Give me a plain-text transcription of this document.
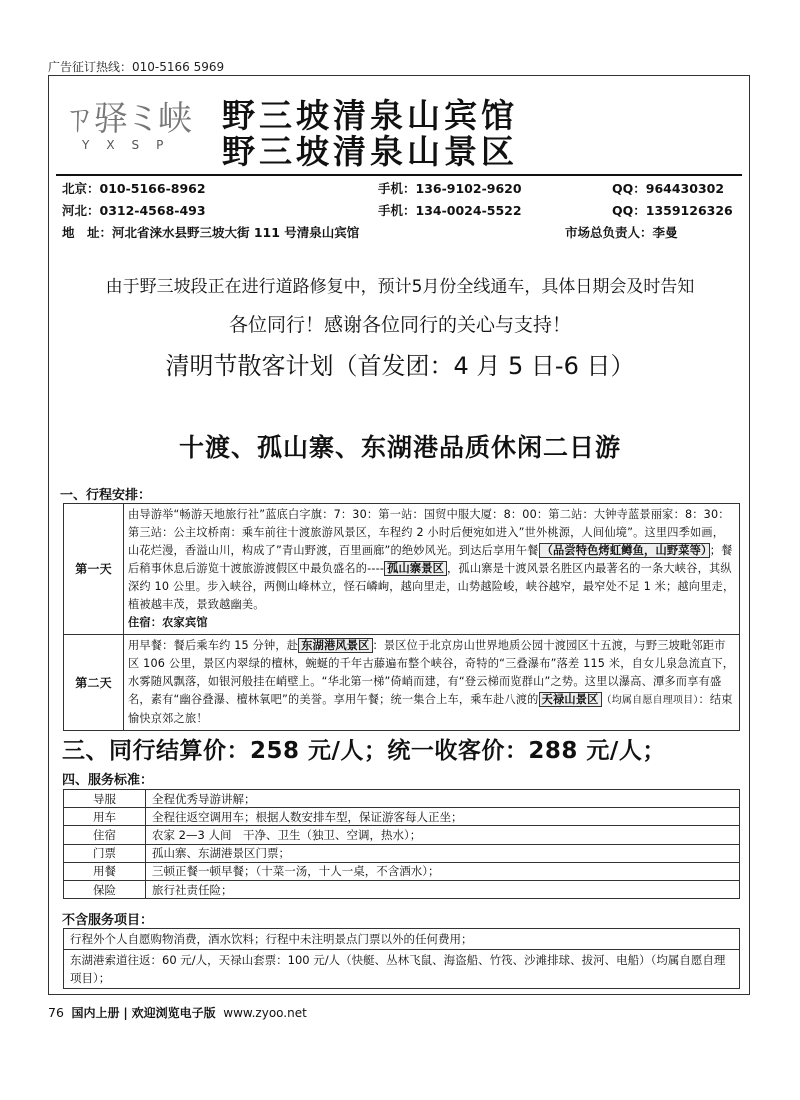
广告征订热线：010-5166 5969
ㄗ驿ミ峡
YXSP
野三坡清泉山宾馆
野三坡清泉山景区
北京：010-5166-8962	手机：136-9102-9620	QQ：964430302
河北：0312-4568-493	手机：134-0024-5522	QQ：1359126326
地　址：河北省涞水县野三坡大街 111 号清泉山宾馆	市场总负责人：李曼
由于野三坡段正在进行道路修复中，预计5月份全线通车，具体日期会及时告知
各位同行！感谢各位同行的关心与支持！
清明节散客计划（首发团：4 月 5 日-6 日）
十渡、孤山寨、东湖港品质休闲二日游
一、行程安排：
第一天	由导游举“畅游天地旅行社”蓝底白字旗：7：30：第一站：国贸中服大厦：8：00：第二站：大钟寺蓝景丽家：8：30：第三站：公主坟桥南：乘车前往十渡旅游风景区，车程约 2 小时后便宛如进入”世外桃源，人间仙境”。这里四季如画，山花烂漫，香溢山川，构成了”青山野渡，百里画廊”的绝妙风光。到达后享用午餐 （品尝特色烤虹鳟鱼，山野菜等） ；餐后稍事休息后游览十渡旅游渡假区中最负盛名的---- 孤山寨景区 ，孤山寨是十渡风景名胜区内最著名的一条大峡谷，其纵深约 10 公里。步入峡谷，两侧山峰林立，怪石嶙峋，越向里走，山势越险峻，峡谷越窄，最窄处不足 1 米；越向里走，植被越丰茂，景致越幽美。
住宿：农家宾馆
第二天	用早餐：餐后乘车约 15 分钟，赴 东湖港风景区 ：景区位于北京房山世界地质公园十渡园区十五渡，与野三坡毗邻距市区 106 公里，景区内翠绿的檀林，蜿蜒的千年古藤遍布整个峡谷，奇特的“三叠瀑布”落差 115 米，自女儿泉急流直下，水雾随风飘落，如银河般挂在峭壁上。“华北第一梯”倚峭而建，有“登云梯而览群山”之势。这里以瀑高、潭多而享有盛名，素有“幽谷叠瀑、檀林氧吧”的美誉。享用午餐；统一集合上车，乘车赴八渡的 天禄山景区 （均属自愿自理项目）：结束愉快京郊之旅！
三、同行结算价：258 元/人；统一收客价：288 元/人；
四、服务标准：
导服	全程优秀导游讲解；
用车	全程往返空调用车；根据人数安排车型，保证游客每人正坐；
住宿	农家 2—3 人间　干净、卫生（独卫、空调，热水）；
门票	孤山寨、东湖港景区门票；
用餐	三顿正餐一顿早餐；（十菜一汤，十人一桌，不含酒水）；
保险	旅行社责任险；
不含服务项目：
行程外个人自愿购物消费，酒水饮料；行程中未注明景点门票以外的任何费用；
东湖港索道往返：60 元/人，天禄山套票：100 元/人（快艇、丛林飞鼠、海盗船、竹筏、沙滩排球、拔河、电船）（均属自愿自理项目）；
76 国内上册 | 欢迎浏览电子版 www.zyoo.net
